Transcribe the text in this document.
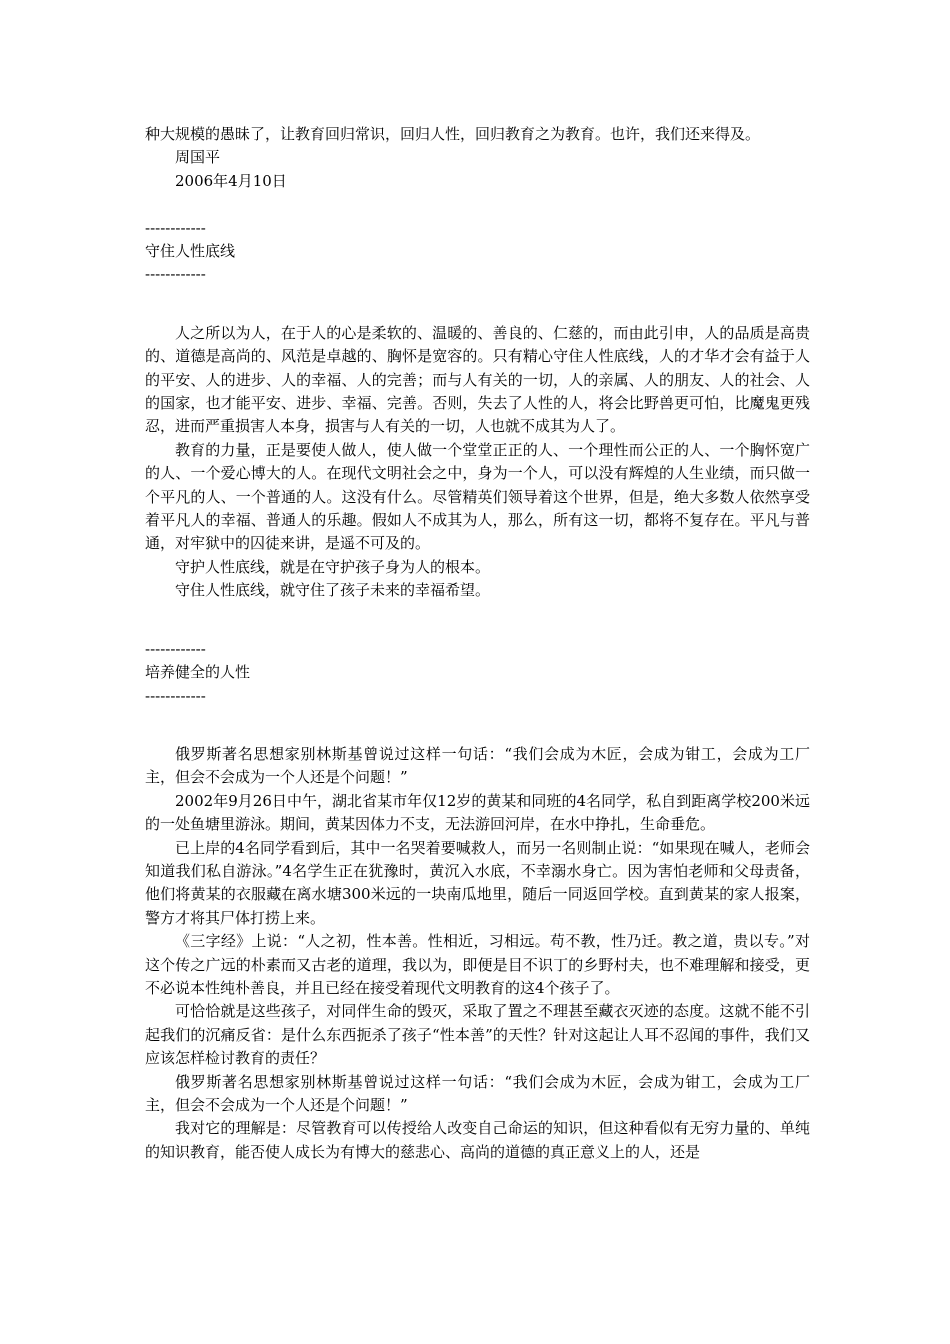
种大规模的愚昧了，让教育回归常识，回归人性，回归教育之为教育。也许，我们还来得及。

周国平

2006年4月10日

------------

守住人性底线

------------

人之所以为人，在于人的心是柔软的、温暖的、善良的、仁慈的，而由此引申，人的品质是高贵的、道德是高尚的、风范是卓越的、胸怀是宽容的。只有精心守住人性底线，人的才华才会有益于人的平安、人的进步、人的幸福、人的完善；而与人有关的一切，人的亲属、人的朋友、人的社会、人的国家，也才能平安、进步、幸福、完善。否则，失去了人性的人，将会比野兽更可怕，比魔鬼更残忍，进而严重损害人本身，损害与人有关的一切，人也就不成其为人了。

教育的力量，正是要使人做人，使人做一个堂堂正正的人、一个理性而公正的人、一个胸怀宽广的人、一个爱心博大的人。在现代文明社会之中，身为一个人，可以没有辉煌的人生业绩，而只做一个平凡的人、一个普通的人。这没有什么。尽管精英们领导着这个世界，但是，绝大多数人依然享受着平凡人的幸福、普通人的乐趣。假如人不成其为人，那么，所有这一切，都将不复存在。平凡与普通，对牢狱中的囚徒来讲，是遥不可及的。

守护人性底线，就是在守护孩子身为人的根本。

守住人性底线，就守住了孩子未来的幸福希望。

------------

培养健全的人性

------------

俄罗斯著名思想家别林斯基曾说过这样一句话：“我们会成为木匠，会成为钳工，会成为工厂主，但会不会成为一个人还是个问题！”

2002年9月26日中午，湖北省某市年仅12岁的黄某和同班的4名同学，私自到距离学校200米远的一处鱼塘里游泳。期间，黄某因体力不支，无法游回河岸，在水中挣扎，生命垂危。

已上岸的4名同学看到后，其中一名哭着要喊救人，而另一名则制止说：“如果现在喊人，老师会知道我们私自游泳。”4名学生正在犹豫时，黄沉入水底，不幸溺水身亡。因为害怕老师和父母责备，他们将黄某的衣服藏在离水塘300米远的一块南瓜地里，随后一同返回学校。直到黄某的家人报案，警方才将其尸体打捞上来。

《三字经》上说：“人之初，性本善。性相近，习相远。苟不教，性乃迁。教之道，贵以专。”对这个传之广远的朴素而又古老的道理，我以为，即便是目不识丁的乡野村夫，也不难理解和接受，更不必说本性纯朴善良，并且已经在接受着现代文明教育的这4个孩子了。

可恰恰就是这些孩子，对同伴生命的毁灭，采取了置之不理甚至藏衣灭迹的态度。这就不能不引起我们的沉痛反省：是什么东西扼杀了孩子“性本善”的天性？针对这起让人耳不忍闻的事件，我们又应该怎样检讨教育的责任？

俄罗斯著名思想家别林斯基曾说过这样一句话：“我们会成为木匠，会成为钳工，会成为工厂主，但会不会成为一个人还是个问题！”

我对它的理解是：尽管教育可以传授给人改变自己命运的知识，但这种看似有无穷力量的、单纯的知识教育，能否使人成长为有博大的慈悲心、高尚的道德的真正意义上的人，还是
